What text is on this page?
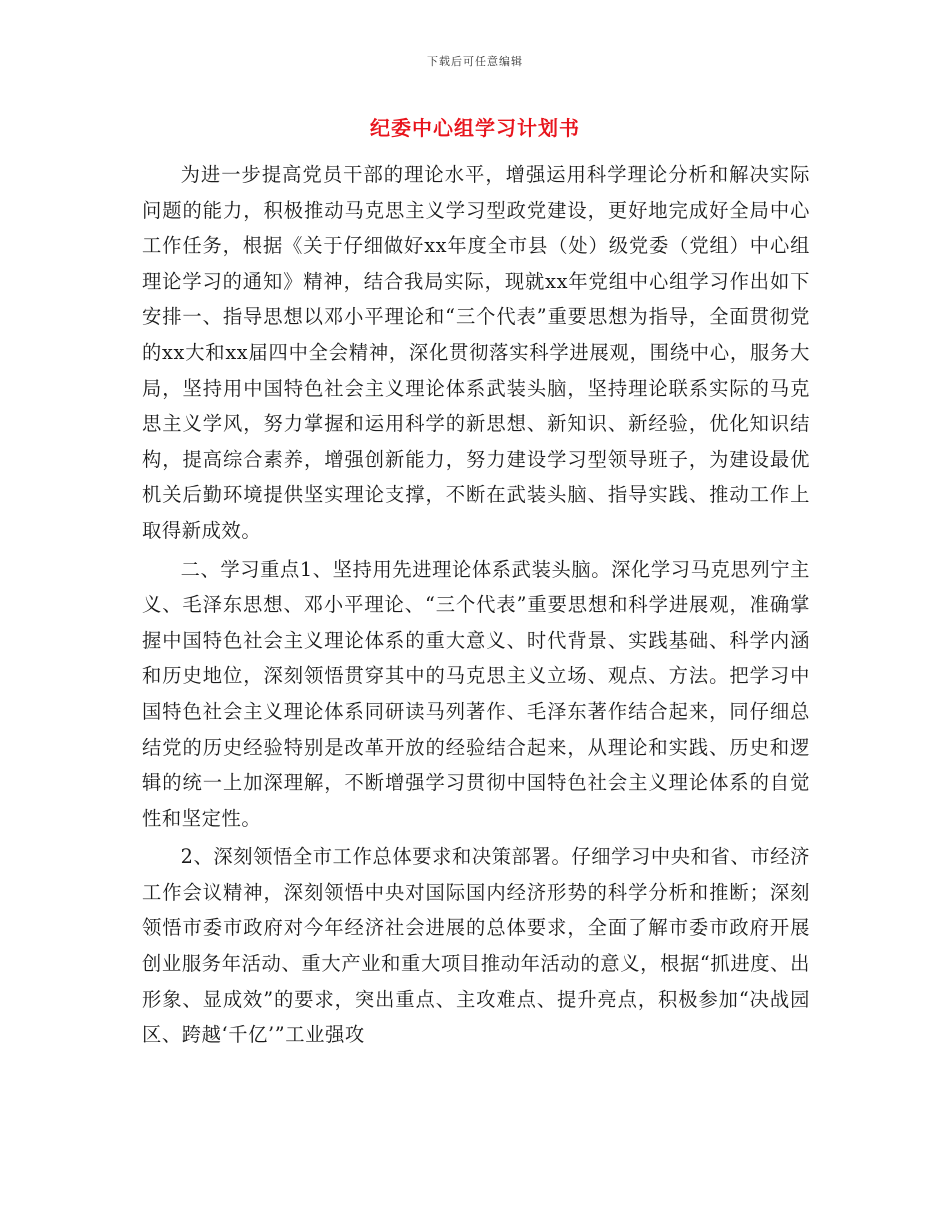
下载后可任意编辑
纪委中心组学习计划书

为进一步提高党员干部的理论水平，增强运用科学理论分析和解决实际问题的能力，积极推动马克思主义学习型政党建设，更好地完成好全局中心工作任务，根据《关于仔细做好xx年度全市县（处）级党委（党组）中心组理论学习的通知》精神，结合我局实际，现就xx年党组中心组学习作出如下安排一、指导思想以邓小平理论和“三个代表”重要思想为指导，全面贯彻党的xx大和xx届四中全会精神，深化贯彻落实科学进展观，围绕中心，服务大局，坚持用中国特色社会主义理论体系武装头脑，坚持理论联系实际的马克思主义学风，努力掌握和运用科学的新思想、新知识、新经验，优化知识结构，提高综合素养，增强创新能力，努力建设学习型领导班子，为建设最优机关后勤环境提供坚实理论支撑，不断在武装头脑、指导实践、推动工作上取得新成效。

二、学习重点1、坚持用先进理论体系武装头脑。深化学习马克思列宁主义、毛泽东思想、邓小平理论、“三个代表”重要思想和科学进展观，准确掌握中国特色社会主义理论体系的重大意义、时代背景、实践基础、科学内涵和历史地位，深刻领悟贯穿其中的马克思主义立场、观点、方法。把学习中国特色社会主义理论体系同研读马列著作、毛泽东著作结合起来，同仔细总结党的历史经验特别是改革开放的经验结合起来，从理论和实践、历史和逻辑的统一上加深理解，不断增强学习贯彻中国特色社会主义理论体系的自觉性和坚定性。

2、深刻领悟全市工作总体要求和决策部署。仔细学习中央和省、市经济工作会议精神，深刻领悟中央对国际国内经济形势的科学分析和推断；深刻领悟市委市政府对今年经济社会进展的总体要求，全面了解市委市政府开展创业服务年活动、重大产业和重大项目推动年活动的意义，根据“抓进度、出形象、显成效”的要求，突出重点、主攻难点、提升亮点，积极参加“决战园区、跨越‘千亿’”工业强攻
